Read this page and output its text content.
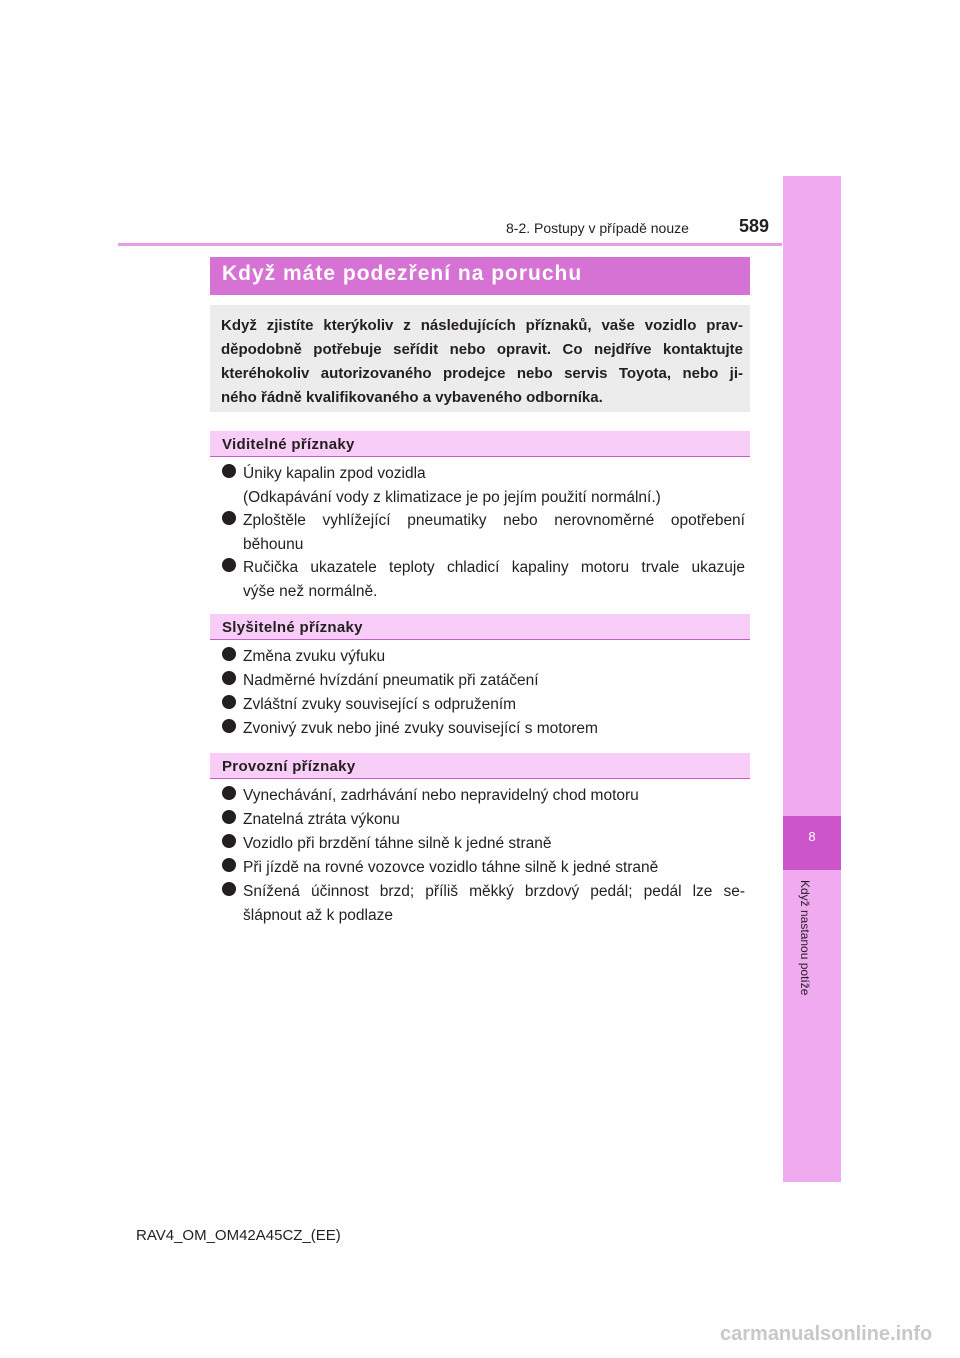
8
Když nastanou potíže
8-2. Postupy v případě nouze	589
Když máte podezření na poruchu

Když zjistíte kterýkoliv z následujících příznaků, vaše vozidlo prav-
děpodobně potřebuje seřídit nebo opravit. Co nejdříve kontaktujte
kteréhokoliv autorizovaného prodejce nebo servis Toyota, nebo ji-

ného řádně kvalifikovaného a vybaveného odborníka.

Viditelné příznaky

Úniky kapalin zpod vozidla
(Odkapávání vody z klimatizace je po jejím použití normální.)

Zploštěle vyhlížející pneumatiky nebo nerovnoměrné opotřebení
běhounu

Ručička ukazatele teploty chladicí kapaliny motoru trvale ukazuje
výše než normálně.

Slyšitelné příznaky

Změna zvuku výfuku

Nadměrné hvízdání pneumatik při zatáčení

Zvláštní zvuky související s odpružením

Zvonivý zvuk nebo jiné zvuky související s motorem

Provozní příznaky

Vynechávání, zadrhávání nebo nepravidelný chod motoru

Znatelná ztráta výkonu

Vozidlo při brzdění táhne silně k jedné straně

Při jízdě na rovné vozovce vozidlo táhne silně k jedné straně

Snížená účinnost brzd; příliš měkký brzdový pedál; pedál lze se-
šlápnout až k podlaze

RAV4_OM_OM42A45CZ_(EE)
carmanualsonline.info
